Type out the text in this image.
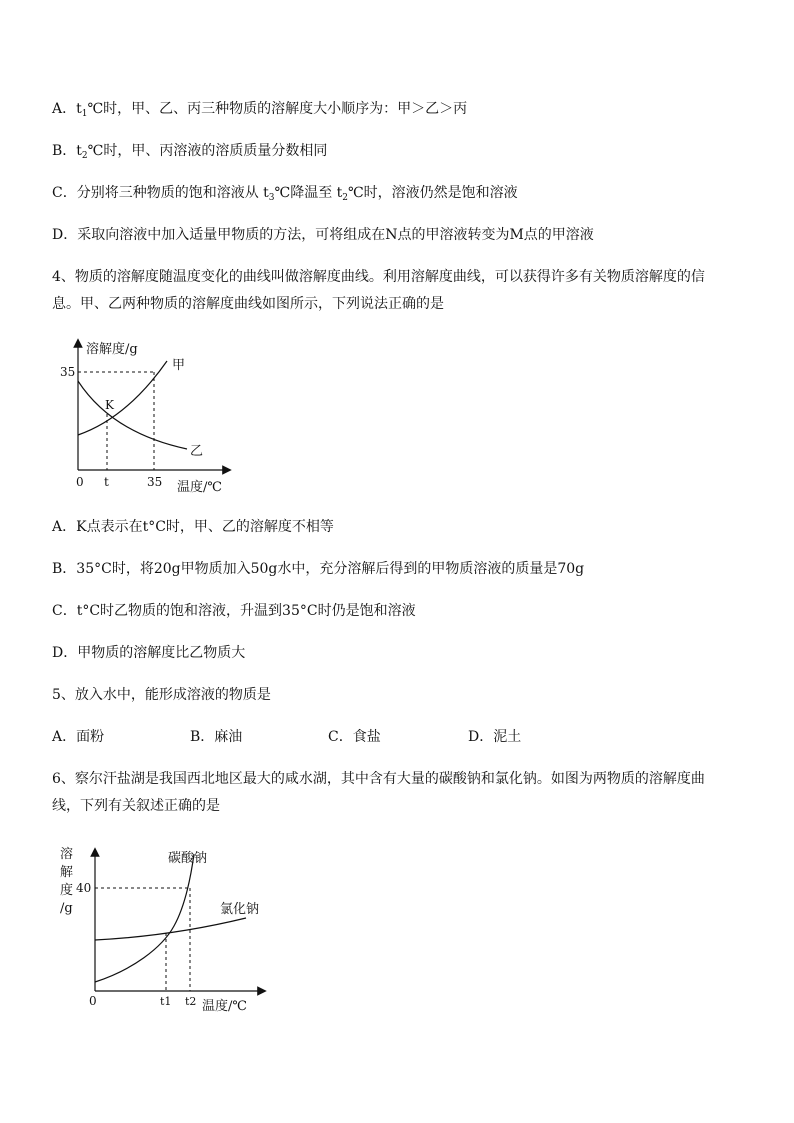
A．$t_1℃$时，甲、乙、丙三种物质的溶解度大小顺序为：甲＞乙＞丙
B．$t_2℃$时，甲、丙溶液的溶质质量分数相同
C．分别将三种物质的饱和溶液从 $t_3℃$降温至 $t_2℃$时，溶液仍然是饱和溶液
D．采取向溶液中加入适量甲物质的方法，可将组成在N点的甲溶液转变为M点的甲溶液
4、物质的溶解度随温度变化的曲线叫做溶解度曲线。利用溶解度曲线，可以获得许多有关物质溶解度的信
息。甲、乙两种物质的溶解度曲线如图所示，下列说法正确的是
溶解度/g
35	甲
乙
K
0 t	35 温度/℃
A．K点表示在t°C时，甲、乙的溶解度不相等
B．35°C时，将20g甲物质加入50g水中，充分溶解后得到的甲物质溶液的质量是70g
C．t°C时乙物质的饱和溶液，升温到35°C时仍是饱和溶液
D．甲物质的溶解度比乙物质大
5、放入水中，能形成溶液的物质是
A．面粉	B．麻油	C．食盐	D．泥土
6、察尔汗盐湖是我国西北地区最大的咸水湖，其中含有大量的碳酸钠和氯化钠。如图为两物质的溶解度曲
线，下列有关叙述正确的是
溶
解
度
/g
40
碳酸钠
氯化钠
0	t1 t2 温度/℃
